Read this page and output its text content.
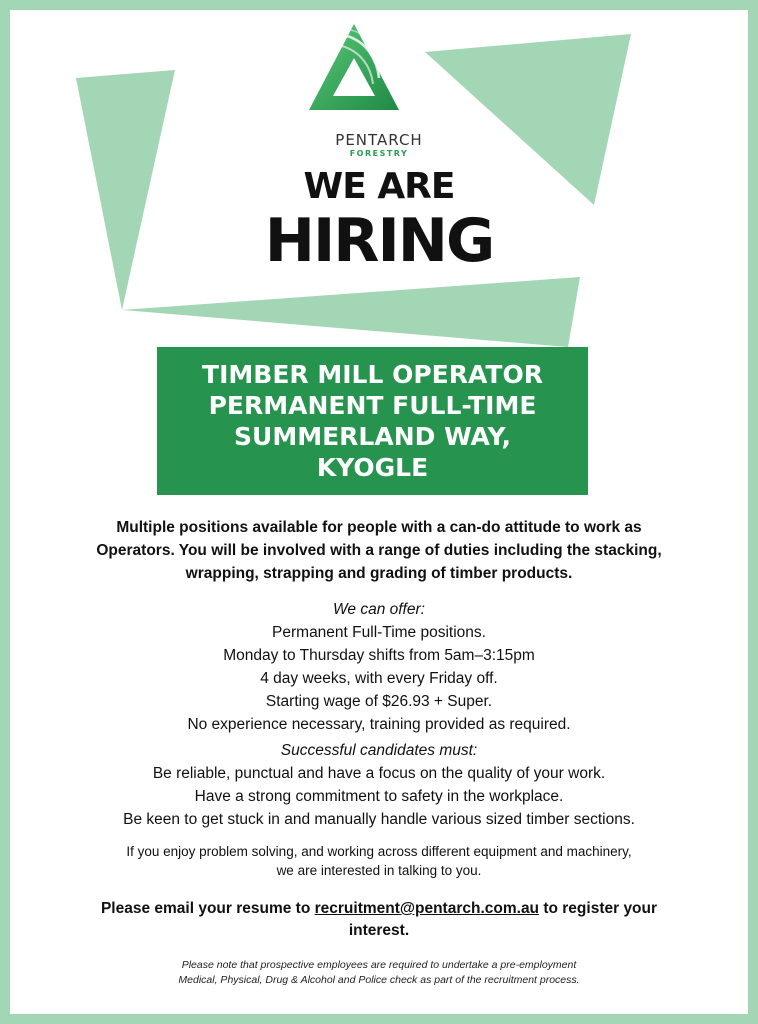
PENTARCH
FORESTRY
WE ARE
HIRING
TIMBER MILL OPERATOR
PERMANENT FULL-TIME
SUMMERLAND WAY,
KYOGLE
Multiple positions available for people with a can-do attitude to work as
Operators. You will be involved with a range of duties including the stacking,
wrapping, strapping and grading of timber products.
We can offer:
Permanent Full-Time positions.
Monday to Thursday shifts from 5am–3:15pm
4 day weeks, with every Friday off.
Starting wage of $26.93 + Super.
No experience necessary, training provided as required.
Successful candidates must:
Be reliable, punctual and have a focus on the quality of your work.
Have a strong commitment to safety in the workplace.
Be keen to get stuck in and manually handle various sized timber sections.
If you enjoy problem solving, and working across different equipment and machinery,
we are interested in talking to you.
Please email your resume to recruitment@pentarch.com.au to register your
interest.
Please note that prospective employees are required to undertake a pre-employment
Medical, Physical, Drug & Alcohol and Police check as part of the recruitment process.
